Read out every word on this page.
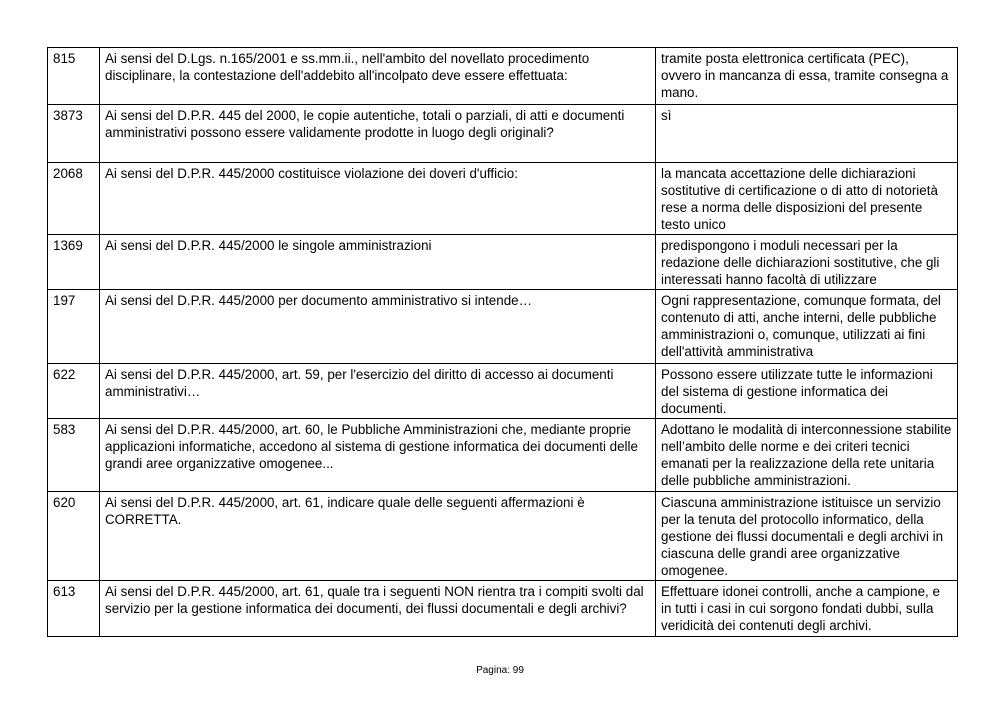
815	Ai sensi del D.Lgs. n.165/2001 e ss.mm.ii., nell'ambito del novellato procedimento disciplinare, la contestazione dell'addebito all'incolpato deve essere effettuata:	tramite posta elettronica certificata (PEC), ovvero in mancanza di essa, tramite consegna a mano.
3873	Ai sensi del D.P.R. 445 del 2000, le copie autentiche, totali o parziali, di atti e documenti amministrativi possono essere validamente prodotte in luogo degli originali?	sì
2068	Ai sensi del D.P.R. 445/2000 costituisce violazione dei doveri d'ufficio:	la mancata accettazione delle dichiarazioni sostitutive di certificazione o di atto di notorietà rese a norma delle disposizioni del presente testo unico
1369	Ai sensi del D.P.R. 445/2000 le singole amministrazioni	predispongono i moduli necessari per la redazione delle dichiarazioni sostitutive, che gli interessati hanno facoltà di utilizzare
197	Ai sensi del D.P.R. 445/2000 per documento amministrativo si intende…	Ogni rappresentazione, comunque formata, del contenuto di atti, anche interni, delle pubbliche amministrazioni o, comunque, utilizzati ai fini dell'attività amministrativa
622	Ai sensi del D.P.R. 445/2000, art. 59, per l'esercizio del diritto di accesso ai documenti amministrativi…	Possono essere utilizzate tutte le informazioni del sistema di gestione informatica dei documenti.
583	Ai sensi del D.P.R. 445/2000, art. 60, le Pubbliche Amministrazioni che, mediante proprie applicazioni informatiche, accedono al sistema di gestione informatica dei documenti delle grandi aree organizzative omogenee...	Adottano le modalità di interconnessione stabilite nell’ambito delle norme e dei criteri tecnici emanati per la realizzazione della rete unitaria delle pubbliche amministrazioni.
620	Ai sensi del D.P.R. 445/2000, art. 61, indicare quale delle seguenti affermazioni è CORRETTA.	Ciascuna amministrazione istituisce un servizio per la tenuta del protocollo informatico, della gestione dei flussi documentali e degli archivi in ciascuna delle grandi aree organizzative omogenee.
613	Ai sensi del D.P.R. 445/2000, art. 61, quale tra i seguenti NON rientra tra i compiti svolti dal servizio per la gestione informatica dei documenti, dei flussi documentali e degli archivi?	Effettuare idonei controlli, anche a campione, e in tutti i casi in cui sorgono fondati dubbi, sulla veridicità dei contenuti degli archivi.
Pagina: 99
